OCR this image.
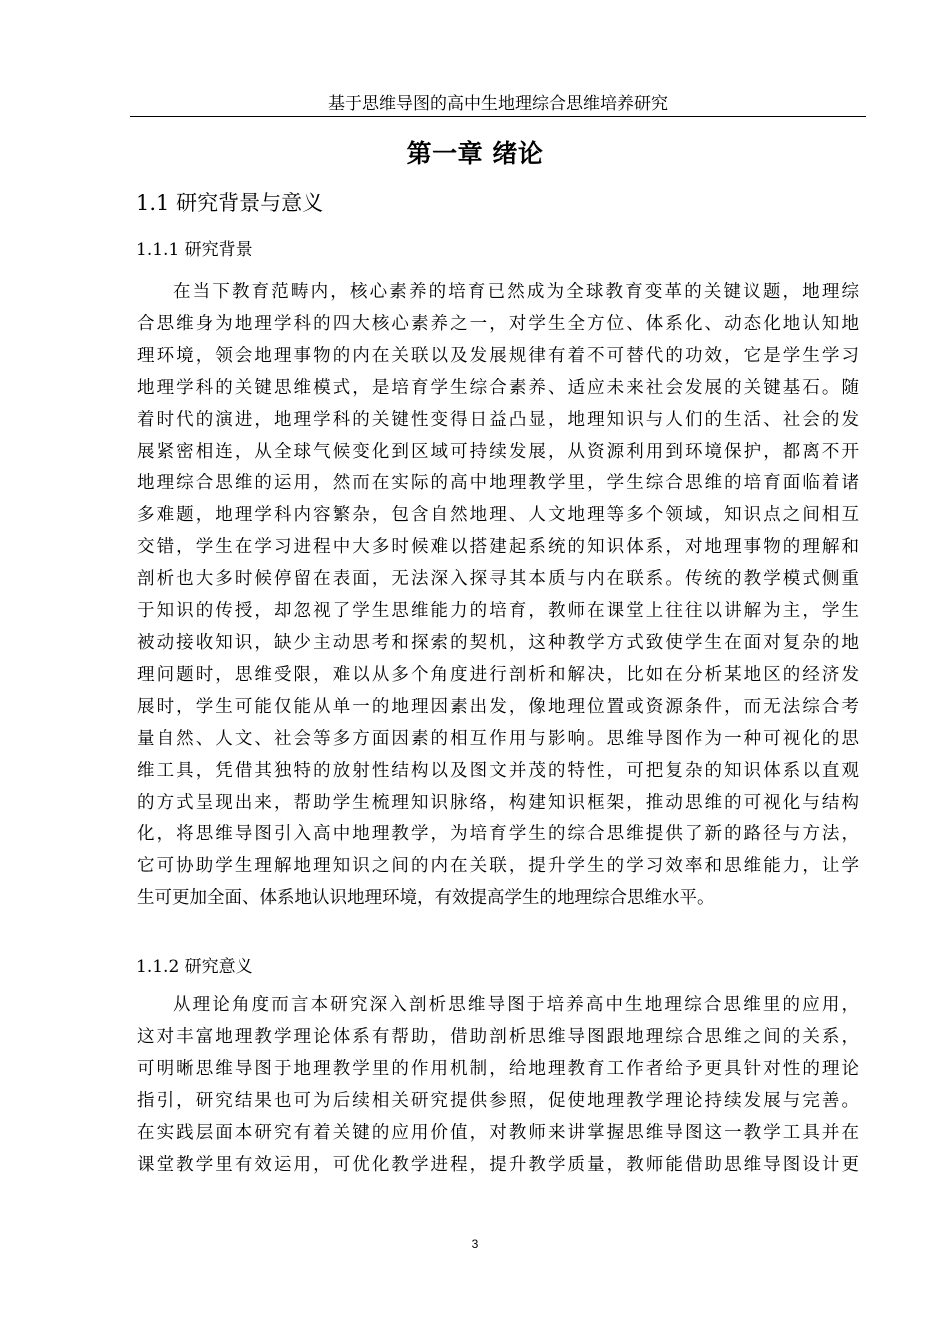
基于思维导图的高中生地理综合思维培养研究
第一章 绪论
1.1 研究背景与意义
1.1.1 研究背景

在当下教育范畴内，核心素养的培育已然成为全球教育变革的关键议题，地理综
合思维身为地理学科的四大核心素养之一，对学生全方位、体系化、动态化地认知地
理环境，领会地理事物的内在关联以及发展规律有着不可替代的功效，它是学生学习
地理学科的关键思维模式，是培育学生综合素养、适应未来社会发展的关键基石。随
着时代的演进，地理学科的关键性变得日益凸显，地理知识与人们的生活、社会的发
展紧密相连，从全球气候变化到区域可持续发展，从资源利用到环境保护，都离不开
地理综合思维的运用，然而在实际的高中地理教学里，学生综合思维的培育面临着诸
多难题，地理学科内容繁杂，包含自然地理、人文地理等多个领域，知识点之间相互
交错，学生在学习进程中大多时候难以搭建起系统的知识体系，对地理事物的理解和
剖析也大多时候停留在表面，无法深入探寻其本质与内在联系。传统的教学模式侧重
于知识的传授，却忽视了学生思维能力的培育，教师在课堂上往往以讲解为主，学生
被动接收知识，缺少主动思考和探索的契机，这种教学方式致使学生在面对复杂的地
理问题时，思维受限，难以从多个角度进行剖析和解决，比如在分析某地区的经济发
展时，学生可能仅能从单一的地理因素出发，像地理位置或资源条件，而无法综合考
量自然、人文、社会等多方面因素的相互作用与影响。思维导图作为一种可视化的思
维工具，凭借其独特的放射性结构以及图文并茂的特性，可把复杂的知识体系以直观
的方式呈现出来，帮助学生梳理知识脉络，构建知识框架，推动思维的可视化与结构
化，将思维导图引入高中地理教学，为培育学生的综合思维提供了新的路径与方法，
它可协助学生理解地理知识之间的内在关联，提升学生的学习效率和思维能力，让学
生可更加全面、体系地认识地理环境，有效提高学生的地理综合思维水平。

1.1.2 研究意义

从理论角度而言本研究深入剖析思维导图于培养高中生地理综合思维里的应用，
这对丰富地理教学理论体系有帮助，借助剖析思维导图跟地理综合思维之间的关系，
可明晰思维导图于地理教学里的作用机制，给地理教育工作者给予更具针对性的理论
指引，研究结果也可为后续相关研究提供参照，促使地理教学理论持续发展与完善。
在实践层面本研究有着关键的应用价值，对教师来讲掌握思维导图这一教学工具并在
课堂教学里有效运用，可优化教学进程，提升教学质量，教师能借助思维导图设计更

3
